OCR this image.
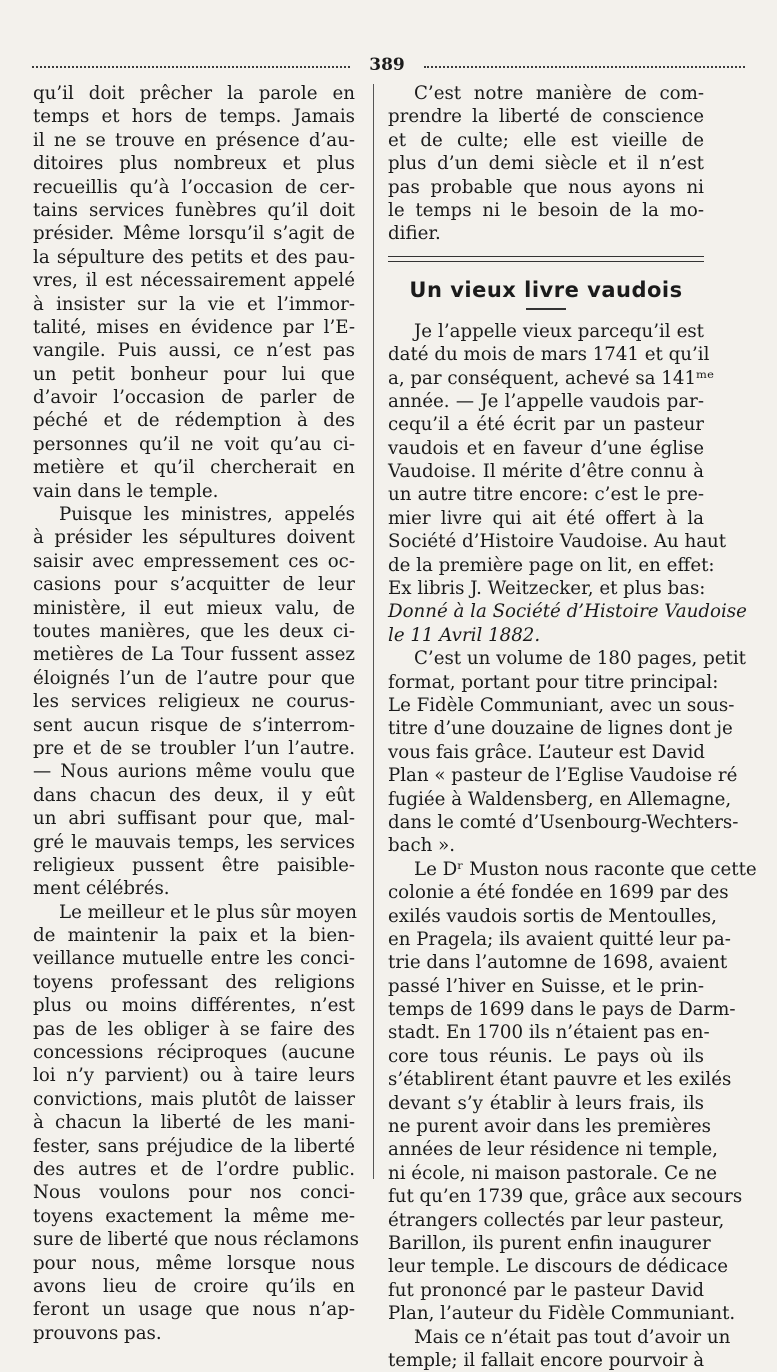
389
qu’il doit prêcher la parole en
temps et hors de temps. Jamais
il ne se trouve en présence d’au-
ditoires plus nombreux et plus
recueillis qu’à l’occasion de cer-
tains services funèbres qu’il doit
présider. Même lorsqu’il s’agit de
la sépulture des petits et des pau-
vres, il est nécessairement appelé
à insister sur la vie et l’immor-
talité, mises en évidence par l’E-
vangile. Puis aussi, ce n’est pas
un petit bonheur pour lui que
d’avoir l’occasion de parler de
péché et de rédemption à des
personnes qu’il ne voit qu’au ci-
metière et qu’il chercherait en
vain dans le temple.
Puisque les ministres, appelés
à présider les sépultures doivent
saisir avec empressement ces oc-
casions pour s’acquitter de leur
ministère, il eut mieux valu, de
toutes manières, que les deux ci-
metières de La Tour fussent assez
éloignés l’un de l’autre pour que
les services religieux ne courus-
sent aucun risque de s’interrom-
pre et de se troubler l’un l’autre.
— Nous aurions même voulu que
dans chacun des deux, il y eût
un abri suffisant pour que, mal-
gré le mauvais temps, les services
religieux pussent être paisible-
ment célébrés.
Le meilleur et le plus sûr moyen
de maintenir la paix et la bien-
veillance mutuelle entre les conci-
toyens professant des religions
plus ou moins différentes, n’est
pas de les obliger à se faire des
concessions réciproques (aucune
loi n’y parvient) ou à taire leurs
convictions, mais plutôt de laisser
à chacun la liberté de les mani-
fester, sans préjudice de la liberté
des autres et de l’ordre public.
Nous voulons pour nos conci-
toyens exactement la même me-
sure de liberté que nous réclamons
pour nous, même lorsque nous
avons lieu de croire qu’ils en
feront un usage que nous n’ap-
prouvons pas.
C’est notre manière de com-
prendre la liberté de conscience
et de culte; elle est vieille de
plus d’un demi siècle et il n’est
pas probable que nous ayons ni
le temps ni le besoin de la mo-
difier.
Un vieux livre vaudois
Je l’appelle vieux parcequ’il est
daté du mois de mars 1741 et qu’il
a, par conséquent, achevé sa 141ᵐᵉ
année. — Je l’appelle vaudois par-
cequ’il a été écrit par un pasteur
vaudois et en faveur d’une église
Vaudoise. Il mérite d’être connu à
un autre titre encore: c’est le pre-
mier livre qui ait été offert à la
Société d’Histoire Vaudoise. Au haut
de la première page on lit, en effet:
Ex libris J. Weitzecker, et plus bas:
Donné à la Société d’Histoire Vaudoise
le 11 Avril 1882.
C’est un volume de 180 pages, petit
format, portant pour titre principal:
Le Fidèle Communiant, avec un sous-
titre d’une douzaine de lignes dont je
vous fais grâce. L’auteur est David
Plan « pasteur de l’Eglise Vaudoise ré
fugiée à Waldensberg, en Allemagne,
dans le comté d’Usenbourg-Wechters-
bach ».
Le Dʳ Muston nous raconte que cette
colonie a été fondée en 1699 par des
exilés vaudois sortis de Mentoulles,
en Pragela; ils avaient quitté leur pa-
trie dans l’automne de 1698, avaient
passé l’hiver en Suisse, et le prin-
temps de 1699 dans le pays de Darm-
stadt. En 1700 ils n’étaient pas en-
core tous réunis. Le pays où ils
s’établirent étant pauvre et les exilés
devant s’y établir à leurs frais, ils
ne purent avoir dans les premières
années de leur résidence ni temple,
ni école, ni maison pastorale. Ce ne
fut qu’en 1739 que, grâce aux secours
étrangers collectés par leur pasteur,
Barillon, ils purent enfin inaugurer
leur temple. Le discours de dédicace
fut prononcé par le pasteur David
Plan, l’auteur du Fidèle Communiant.
Mais ce n’était pas tout d’avoir un
temple; il fallait encore pourvoir à
